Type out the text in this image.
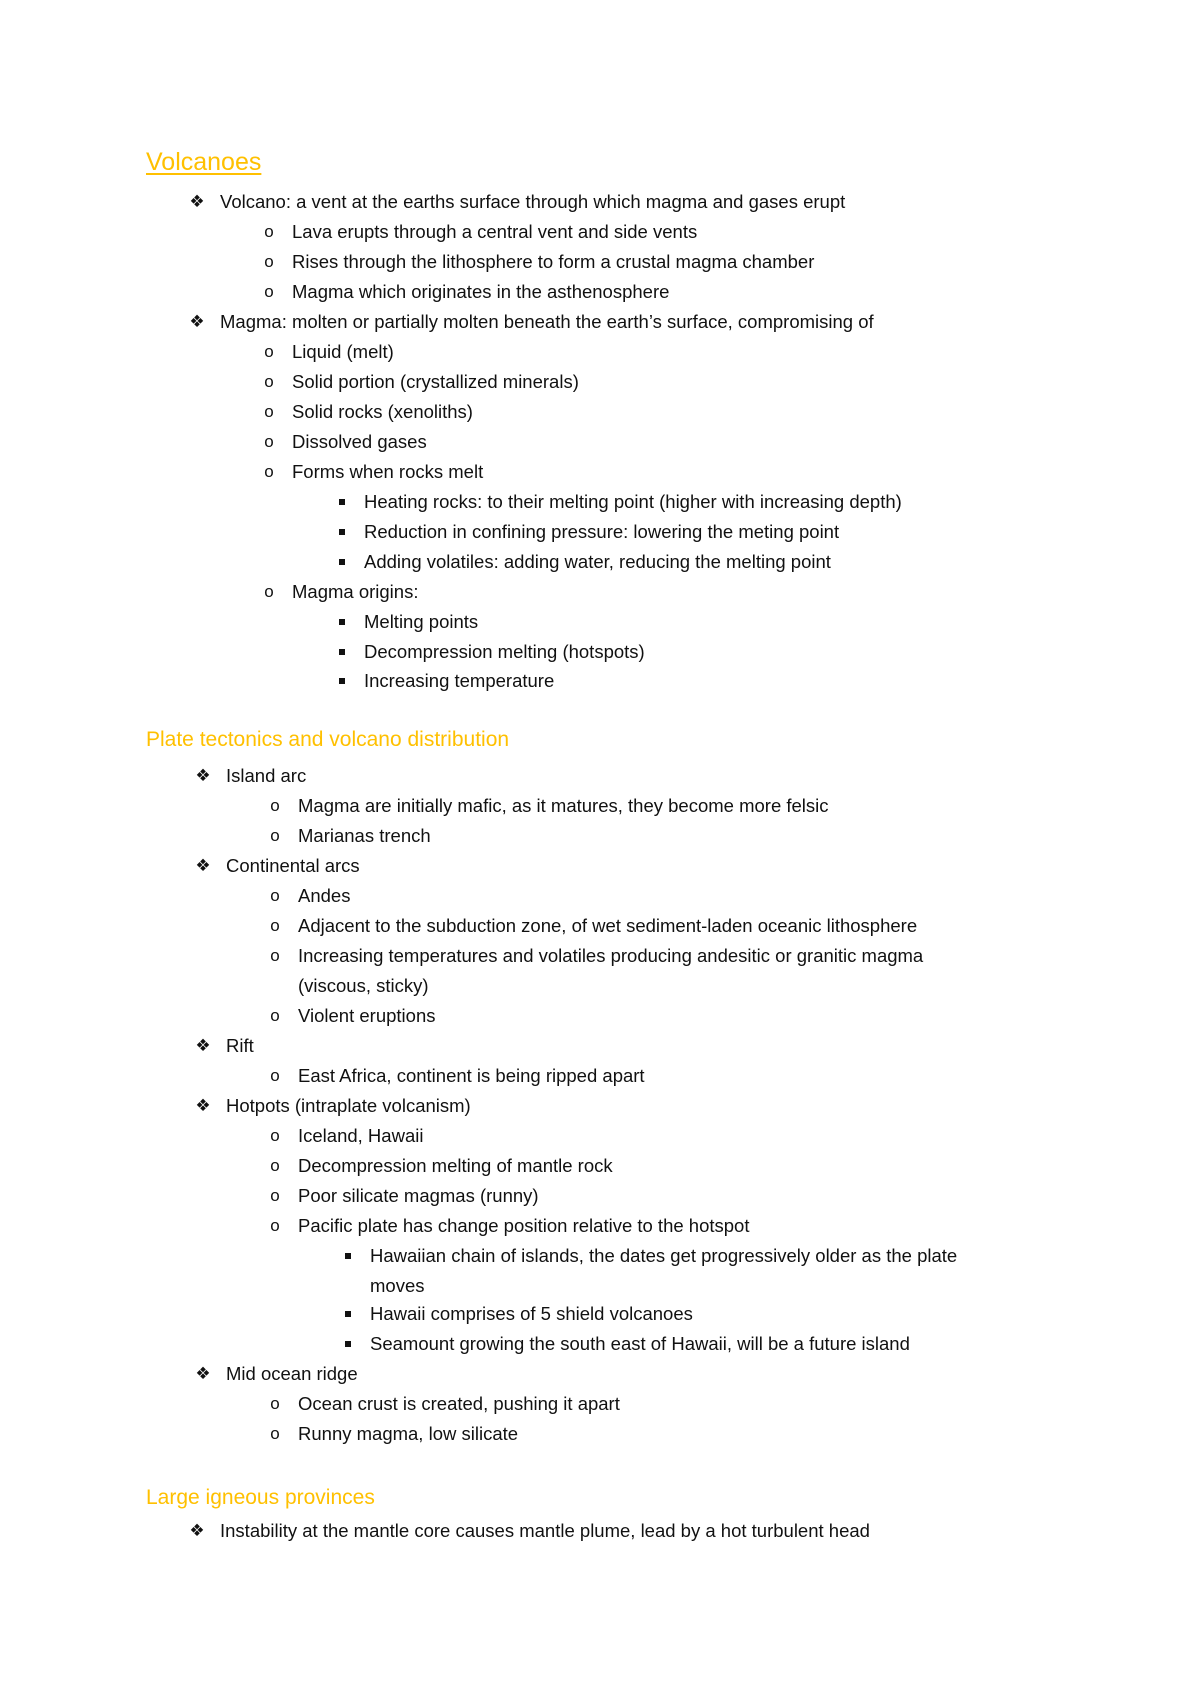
Volcanoes
❖ Volcano: a vent at the earths surface through which magma and gases erupt
o Lava erupts through a central vent and side vents
o Rises through the lithosphere to form a crustal magma chamber
o Magma which originates in the asthenosphere
❖ Magma: molten or partially molten beneath the earth’s surface, compromising of
o Liquid (melt)
o Solid portion (crystallized minerals)
o Solid rocks (xenoliths)
o Dissolved gases
o Forms when rocks melt
Heating rocks: to their melting point (higher with increasing depth)
Reduction in confining pressure: lowering the meting point
Adding volatiles: adding water, reducing the melting point
o Magma origins:
Melting points
Decompression melting (hotspots)
Increasing temperature
Plate tectonics and volcano distribution
❖ Island arc
o Magma are initially mafic, as it matures, they become more felsic
o Marianas trench
❖ Continental arcs
o Andes
o Adjacent to the subduction zone, of wet sediment-laden oceanic lithosphere
o Increasing temperatures and volatiles producing andesitic or granitic magma
(viscous, sticky)
o Violent eruptions
❖ Rift
o East Africa, continent is being ripped apart
❖ Hotpots (intraplate volcanism)
o Iceland, Hawaii
o Decompression melting of mantle rock
o Poor silicate magmas (runny)
o Pacific plate has change position relative to the hotspot
Hawaiian chain of islands, the dates get progressively older as the plate
moves
Hawaii comprises of 5 shield volcanoes
Seamount growing the south east of Hawaii, will be a future island
❖ Mid ocean ridge
o Ocean crust is created, pushing it apart
o Runny magma, low silicate
Large igneous provinces
❖ Instability at the mantle core causes mantle plume, lead by a hot turbulent head
